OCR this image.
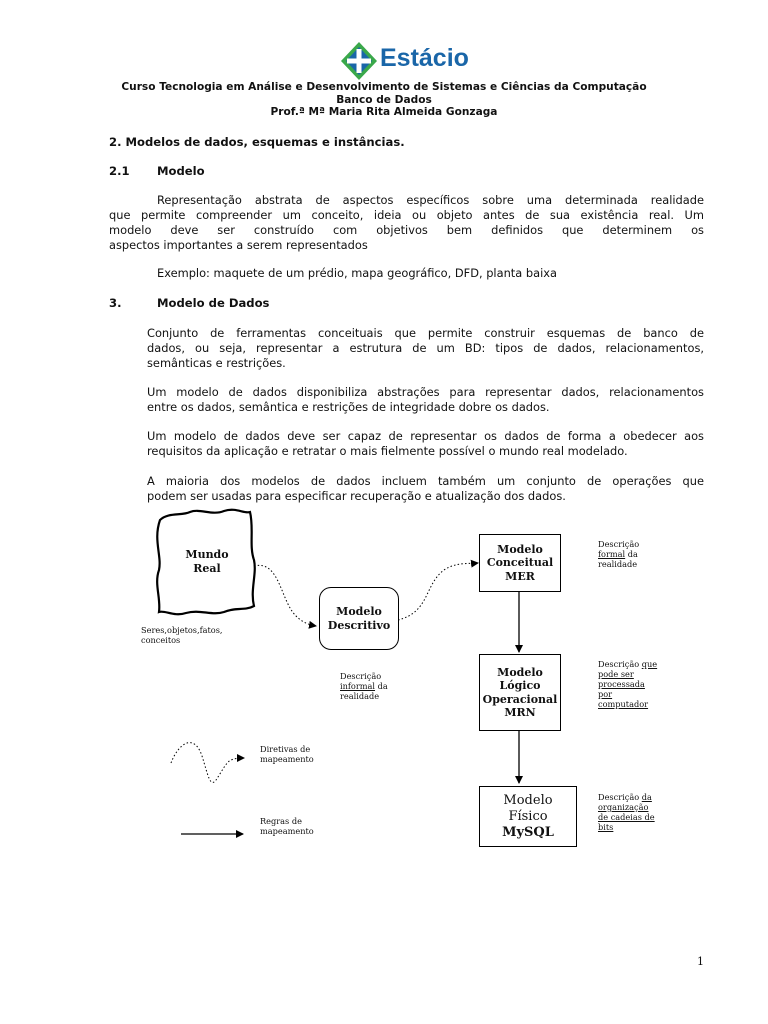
Estácio
Curso Tecnologia em Análise e Desenvolvimento de Sistemas e Ciências da Computação
Banco de Dados
Prof.ª Mª Maria Rita Almeida Gonzaga
2. Modelos de dados, esquemas e instâncias.
2.1 Modelo
Representação abstrata de aspectos específicos sobre uma determinada realidade
que permite compreender um conceito, ideia ou objeto antes de sua existência real. Um
modelo deve ser construído com objetivos bem definidos que determinem os
aspectos importantes a serem representados
Exemplo: maquete de um prédio, mapa geográfico, DFD, planta baixa
3.	Modelo de Dados
Conjunto de ferramentas conceituais que permite construir esquemas de banco de
dados, ou seja, representar a estrutura de um BD: tipos de dados, relacionamentos,
semânticas e restrições.
Um modelo de dados disponibiliza abstrações para representar dados, relacionamentos
entre os dados, semântica e restrições de integridade dobre os dados.
Um modelo de dados deve ser capaz de representar os dados de forma a obedecer aos
requisitos da aplicação e retratar o mais fielmente possível o mundo real modelado.
A maioria dos modelos de dados incluem também um conjunto de operações que
podem ser usadas para especificar recuperação e atualização dos dados.
Mundo
Real
Seres,objetos,fatos,
conceitos
Modelo
Descritivo
Descrição
informal da
realidade
Modelo
Conceitual
MER
Descrição
formal da
realidade
Modelo
Lógico
Operacional
MRN
Descrição que
pode ser
processada
por
computador
Modelo
Físico
MySQL
Descrição da
organização
de cadeias de
bits
Diretivas de
mapeamento
Regras de
mapeamento
1
